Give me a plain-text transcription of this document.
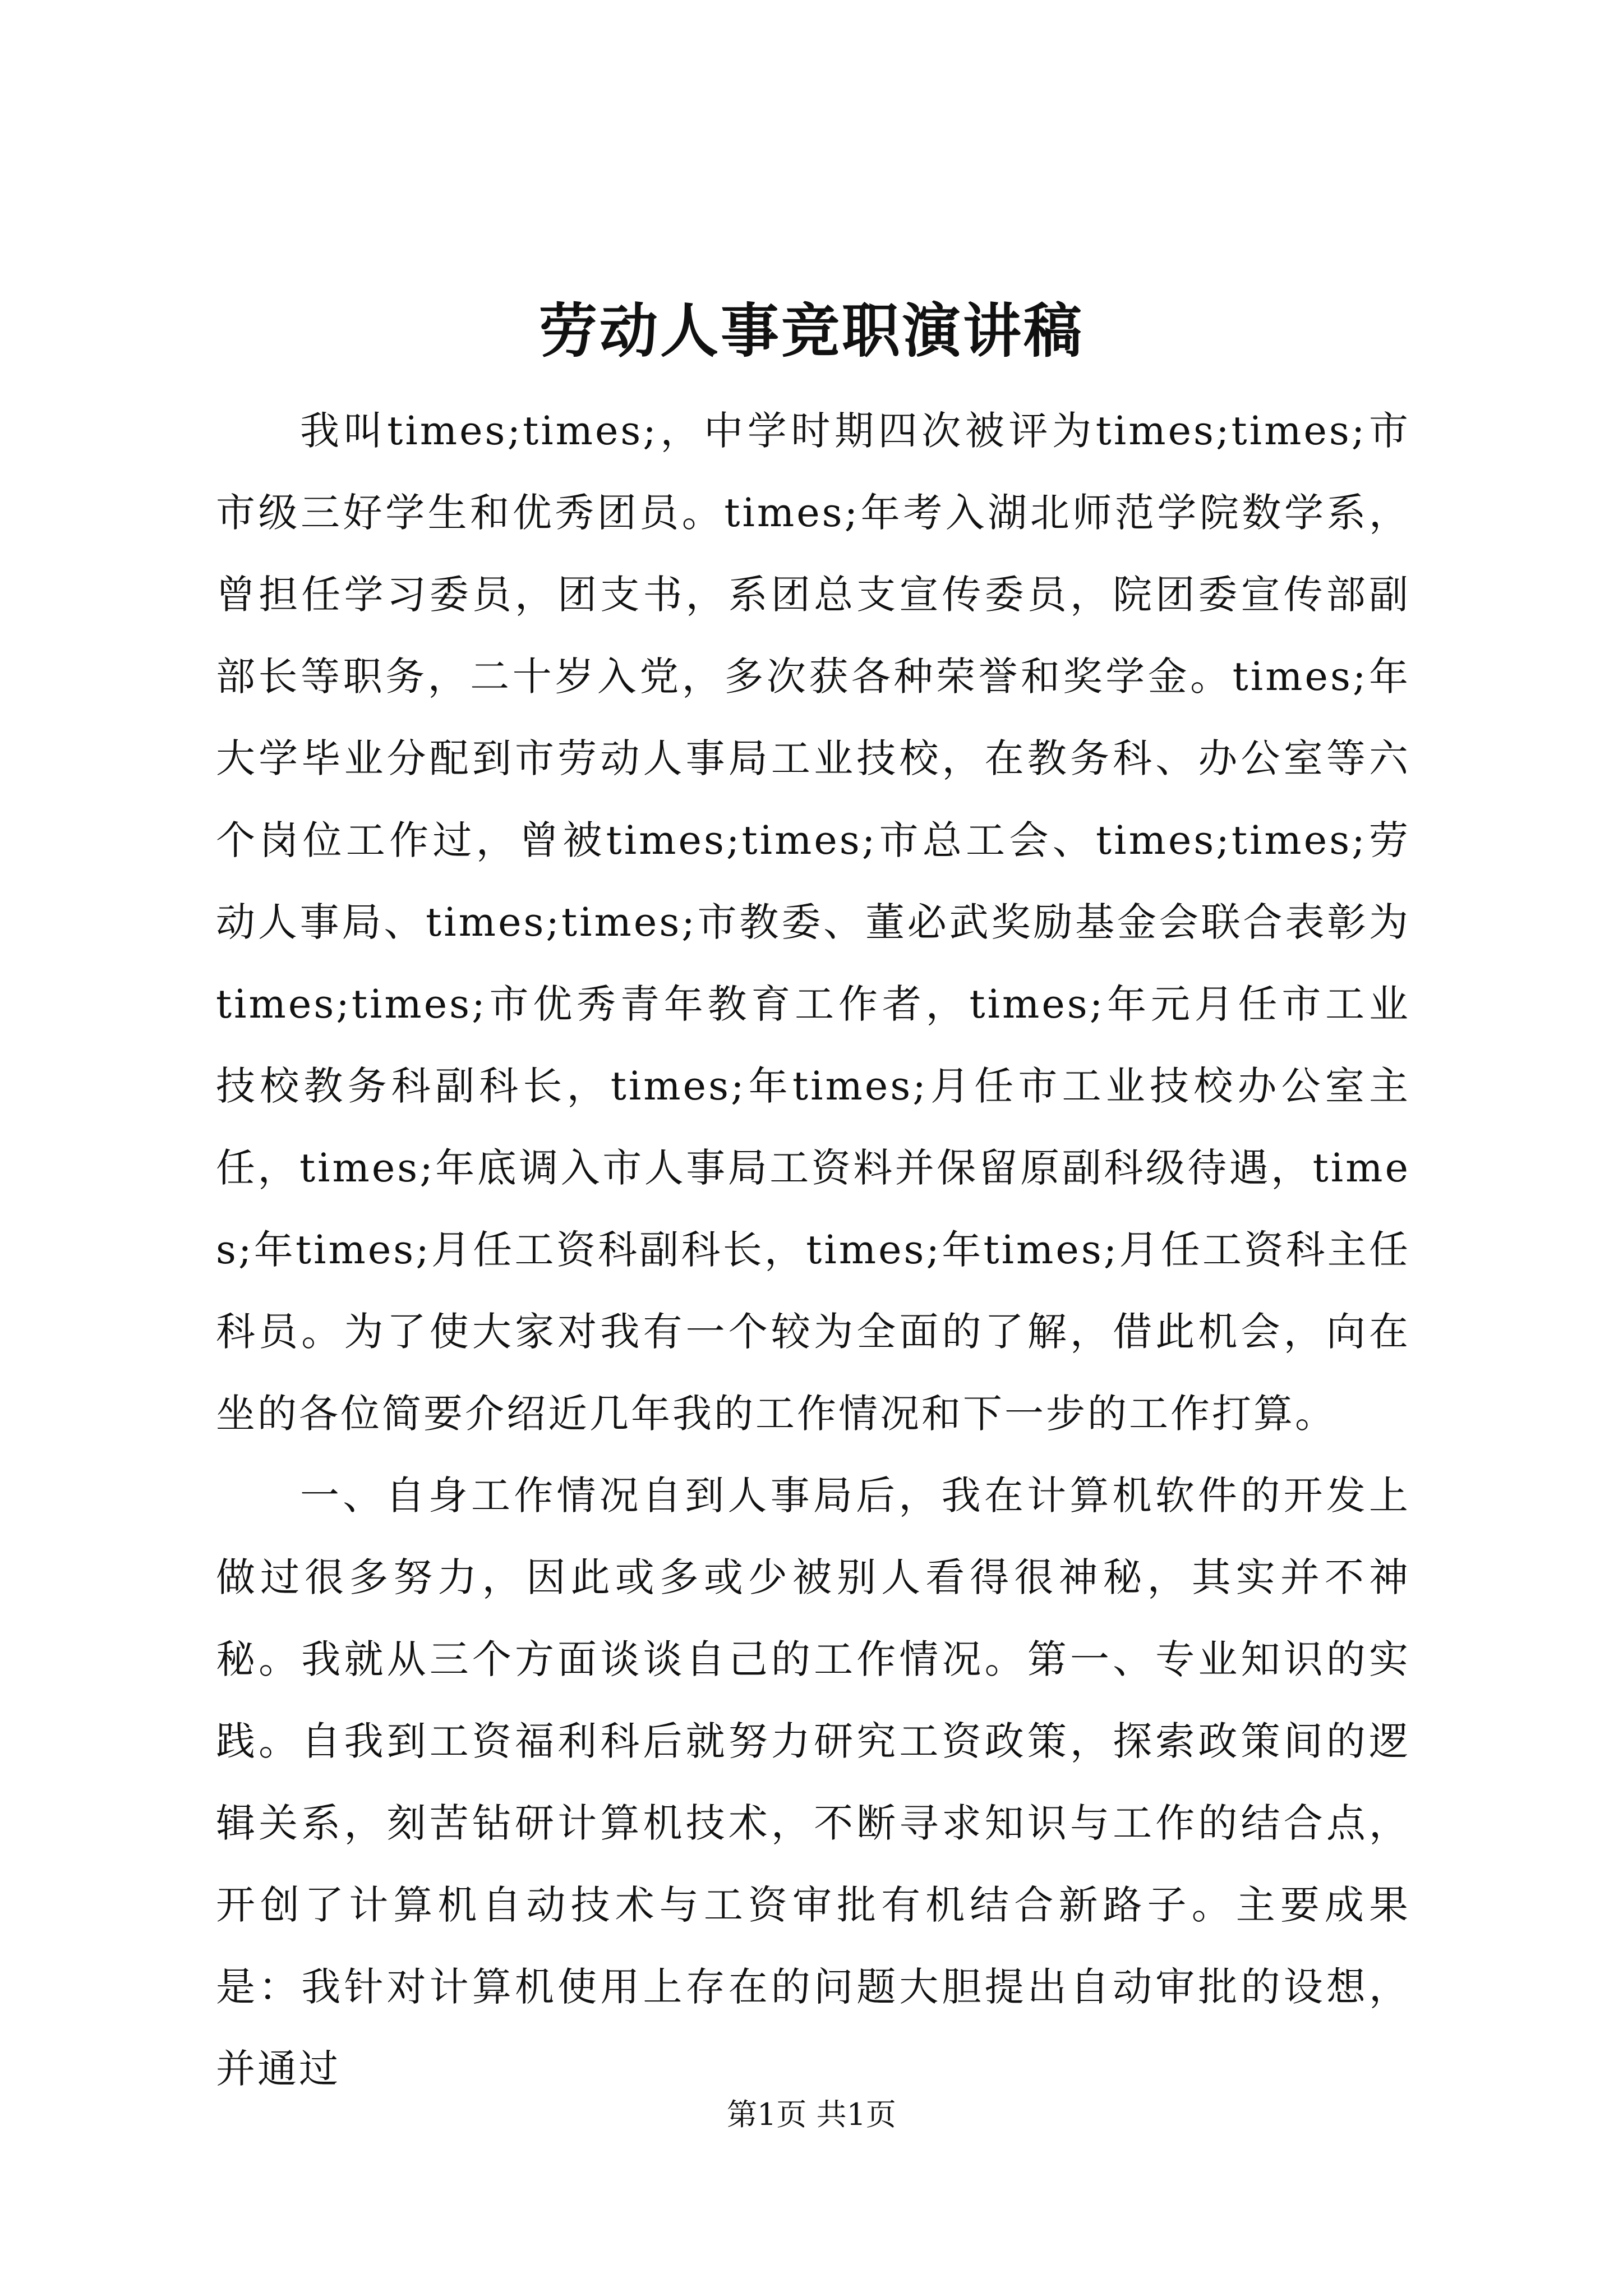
劳动人事竞职演讲稿

我叫times;times;，中学时期四次被评为times;times;市市级三好学生和优秀团员。times;年考入湖北师范学院数学系，曾担任学习委员，团支书，系团总支宣传委员，院团委宣传部副部长等职务，二十岁入党，多次获各种荣誉和奖学金。times;年大学毕业分配到市劳动人事局工业技校，在教务科、办公室等六个岗位工作过，曾被times;times;市总工会、times;times;劳动人事局、times;times;市教委、董必武奖励基金会联合表彰为times;times;市优秀青年教育工作者，times;年元月任市工业技校教务科副科长，times;年times;月任市工业技校办公室主任，times;年底调入市人事局工资料并保留原副科级待遇，times;年times;月任工资科副科长，times;年times;月任工资科主任科员。为了使大家对我有一个较为全面的了解，借此机会，向在坐的各位简要介绍近几年我的工作情况和下一步的工作打算。

一、自身工作情况自到人事局后，我在计算机软件的开发上做过很多努力，因此或多或少被别人看得很神秘，其实并不神秘。我就从三个方面谈谈自己的工作情况。第一、专业知识的实践。自我到工资福利科后就努力研究工资政策，探索政策间的逻辑关系，刻苦钻研计算机技术，不断寻求知识与工作的结合点，开创了计算机自动技术与工资审批有机结合新路子。主要成果是：我针对计算机使用上存在的问题大胆提出自动审批的设想，并通过

第1页 共1页
